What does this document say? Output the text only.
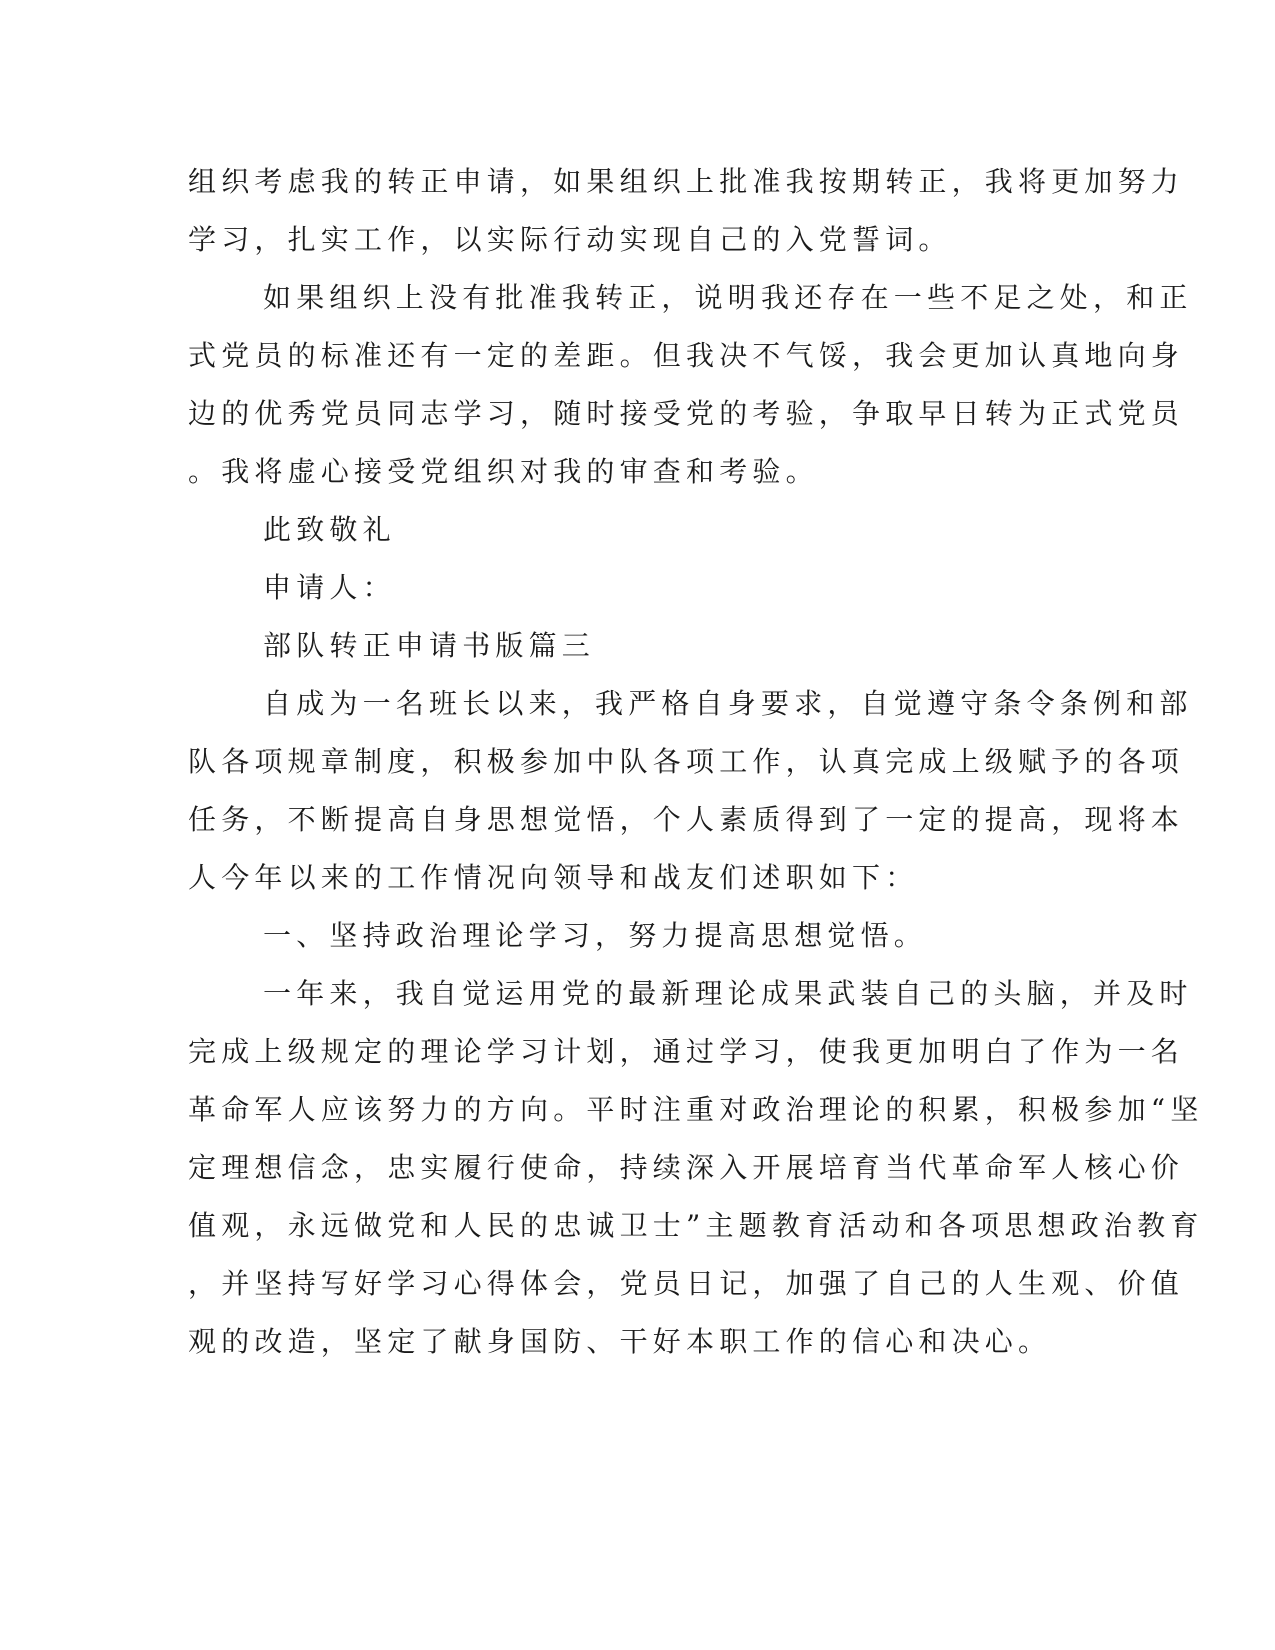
组织考虑我的转正申请，如果组织上批准我按期转正，我将更加努力
学习，扎实工作，以实际行动实现自己的入党誓词。
如果组织上没有批准我转正，说明我还存在一些不足之处，和正
式党员的标准还有一定的差距。但我决不气馁，我会更加认真地向身
边的优秀党员同志学习，随时接受党的考验，争取早日转为正式党员
。我将虚心接受党组织对我的审查和考验。
此致敬礼
申请人：
部队转正申请书版篇三
自成为一名班长以来，我严格自身要求，自觉遵守条令条例和部
队各项规章制度，积极参加中队各项工作，认真完成上级赋予的各项
任务，不断提高自身思想觉悟，个人素质得到了一定的提高，现将本
人今年以来的工作情况向领导和战友们述职如下：
一、坚持政治理论学习，努力提高思想觉悟。
一年来，我自觉运用党的最新理论成果武装自己的头脑，并及时
完成上级规定的理论学习计划，通过学习，使我更加明白了作为一名
革命军人应该努力的方向。平时注重对政治理论的积累，积极参加“坚
定理想信念，忠实履行使命，持续深入开展培育当代革命军人核心价
值观，永远做党和人民的忠诚卫士”主题教育活动和各项思想政治教育
，并坚持写好学习心得体会，党员日记，加强了自己的人生观、价值
观的改造，坚定了献身国防、干好本职工作的信心和决心。
